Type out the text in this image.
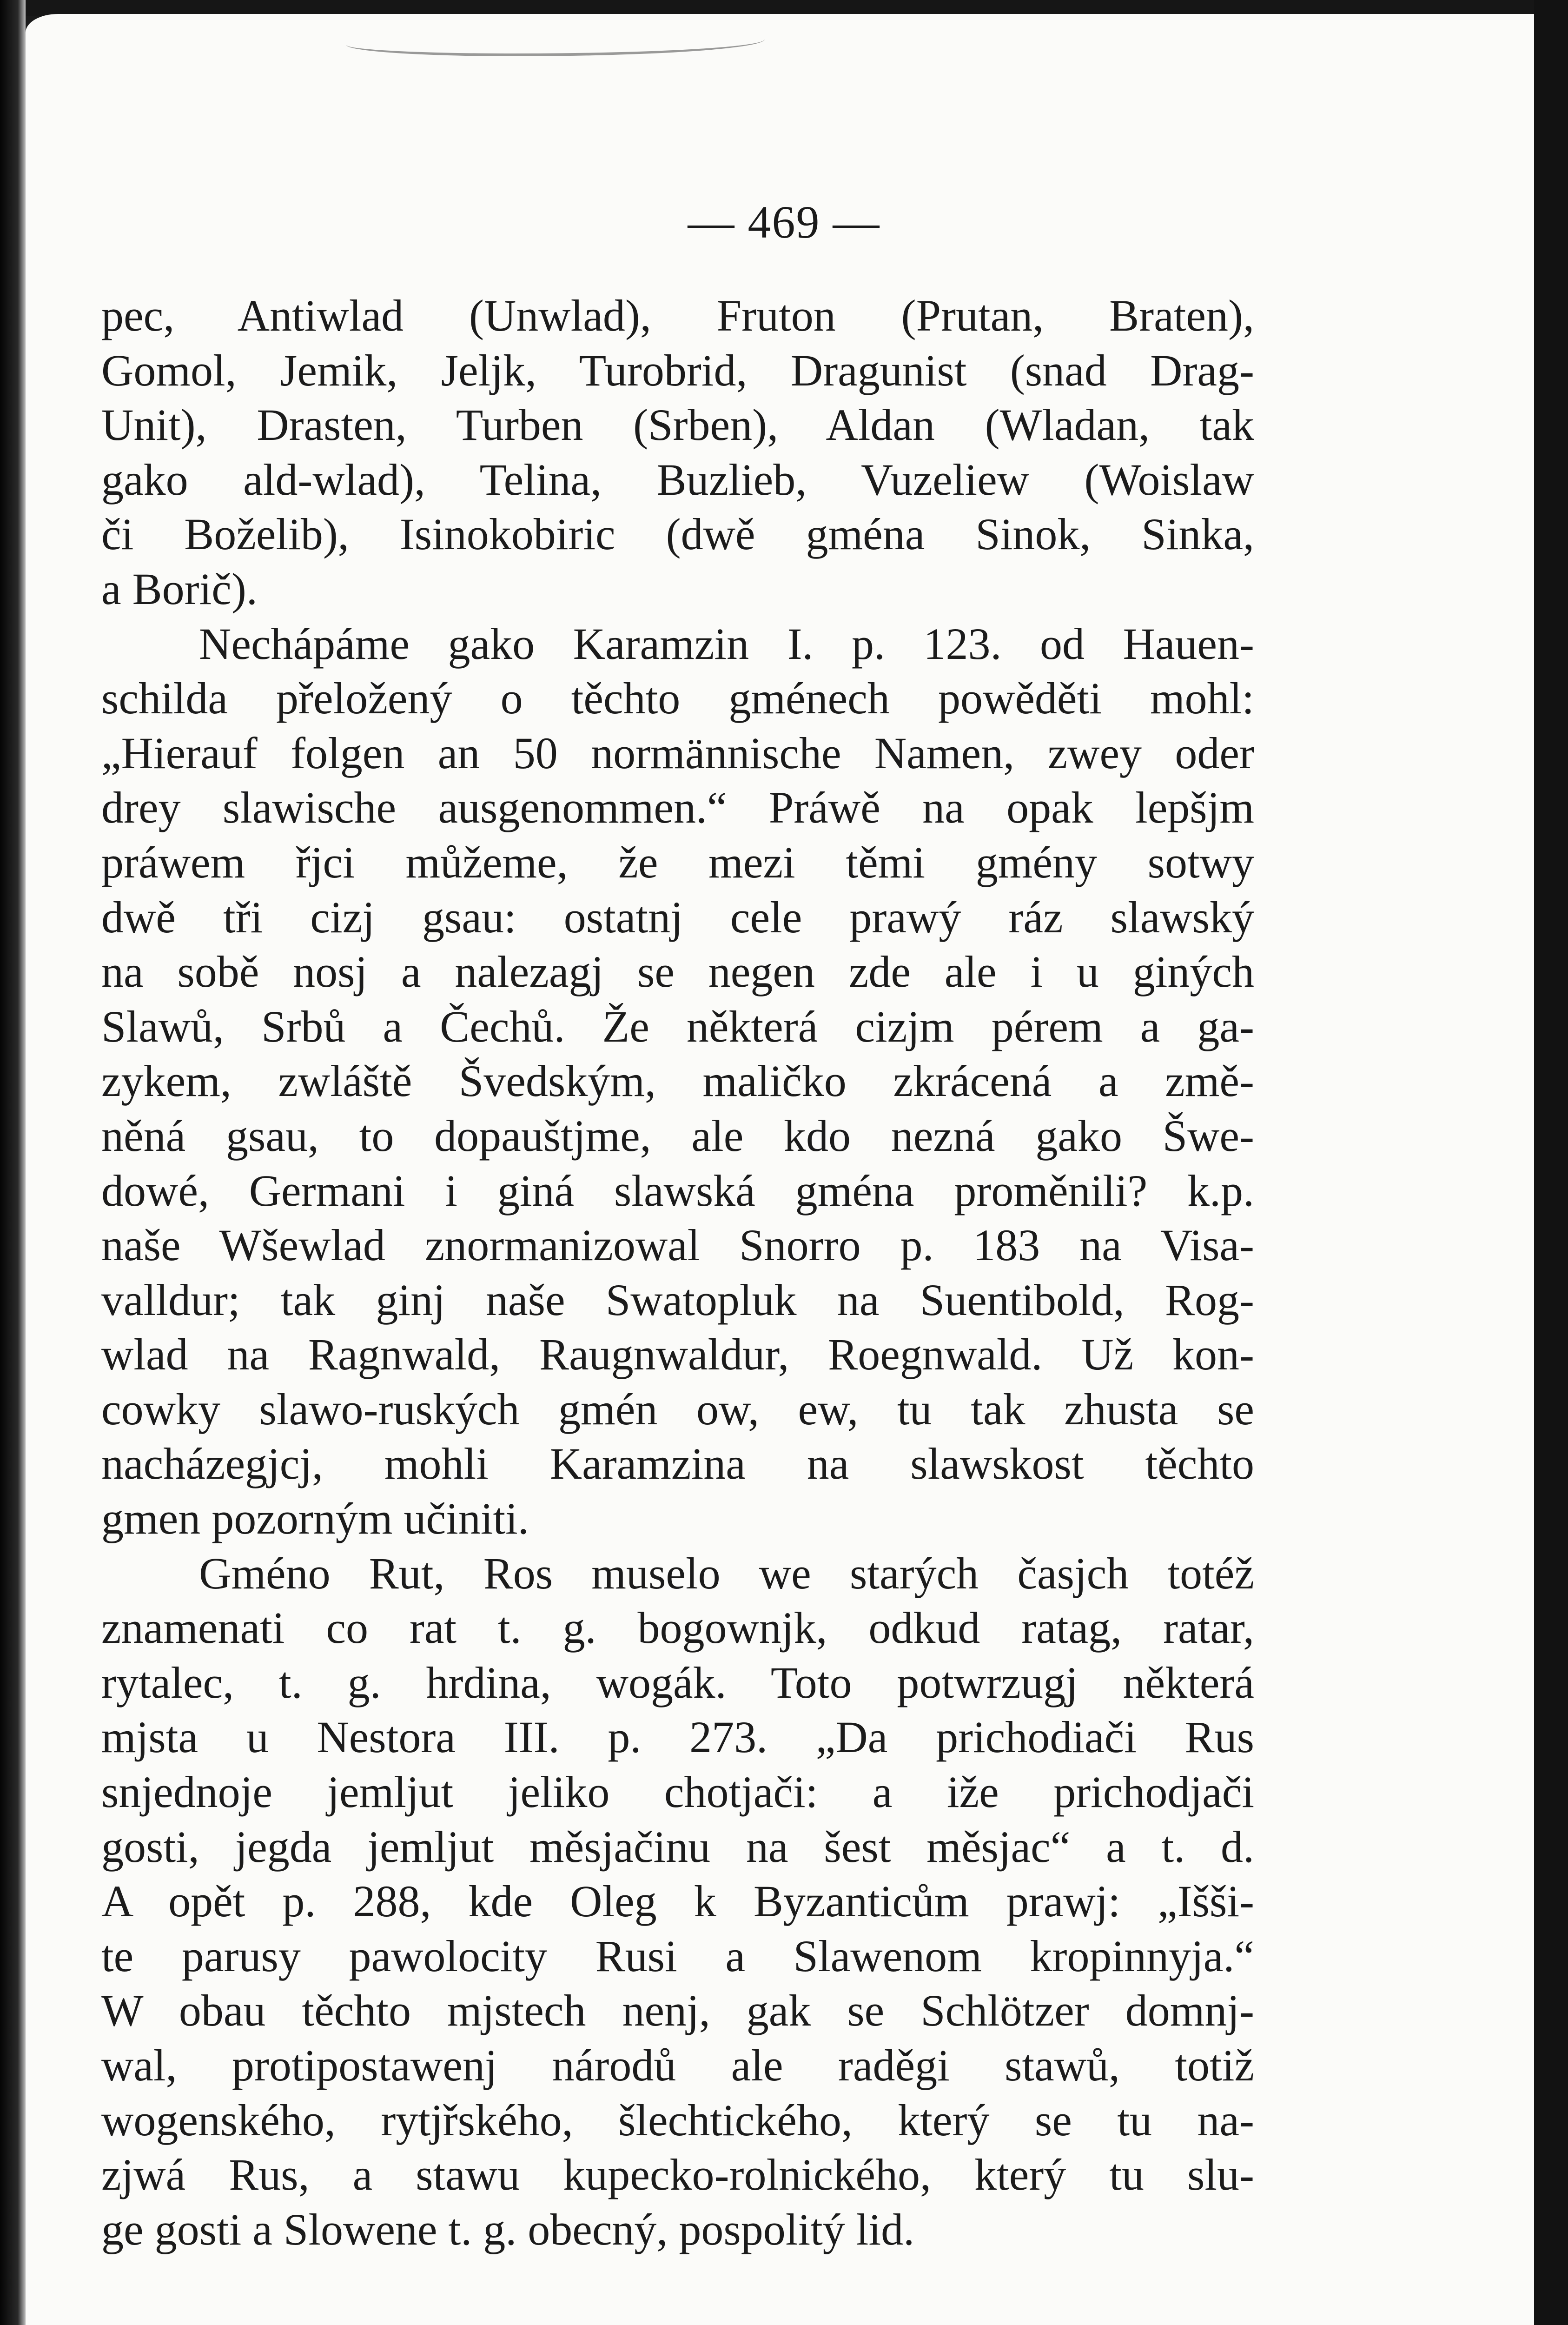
— 469 —
pec, Antiwlad (Unwlad), Fruton (Prutan, Braten),
Gomol, Jemik, Jeljk, Turobrid, Dragunist (snad Drag-
Unit), Drasten, Turben (Srben), Aldan (Wladan, tak
gako ald-wlad), Telina, Buzlieb, Vuzeliew (Woislaw
či Boželib), Isinokobiric (dwě gména Sinok, Sinka,
a Borič).
Nechápáme gako Karamzin I. p. 123. od Hauen-
schilda přeložený o těchto gménech powěděti mohl:
„Hierauf folgen an 50 normännische Namen, zwey oder
drey slawische ausgenommen.“ Práwě na opak lepšjm
práwem řjci můžeme, že mezi těmi gmény sotwy
dwě tři cizj gsau: ostatnj cele prawý ráz slawský
na sobě nosj a nalezagj se negen zde ale i u giných
Slawů, Srbů a Čechů. Že některá cizjm pérem a ga-
zykem, zwláště Švedským, maličko zkrácená a změ-
něná gsau, to dopauštjme, ale kdo nezná gako Šwe-
dowé, Germani i giná slawská gména proměnili? k.p.
naše Wšewlad znormanizowal Snorro p. 183 na Visa-
valldur; tak ginj naše Swatopluk na Suentibold, Rog-
wlad na Ragnwald, Raugnwaldur, Roegnwald. Už kon-
cowky slawo-ruských gmén ow, ew, tu tak zhusta se
nacházegjcj, mohli Karamzina na slawskost těchto
gmen pozorným učiniti.
Gméno Rut, Ros muselo we starých časjch totéž
znamenati co rat t. g. bogownjk, odkud ratag, ratar,
rytalec, t. g. hrdina, wogák. Toto potwrzugj některá
mjsta u Nestora III. p. 273. „Da prichodiači Rus
snjednoje jemljut jeliko chotjači: a iže prichodjači
gosti, jegda jemljut měsjačinu na šest měsjac“ a t. d.
A opět p. 288, kde Oleg k Byzanticům prawj: „Išši-
te parusy pawolocity Rusi a Slawenom kropinnyja.“
W obau těchto mjstech nenj, gak se Schlötzer domnj-
wal, protipostawenj národů ale raděgi stawů, totiž
wogenského, rytjřského, šlechtického, který se tu na-
zjwá Rus, a stawu kupecko-rolnického, který tu slu-
ge gosti a Slowene t. g. obecný, pospolitý lid.
